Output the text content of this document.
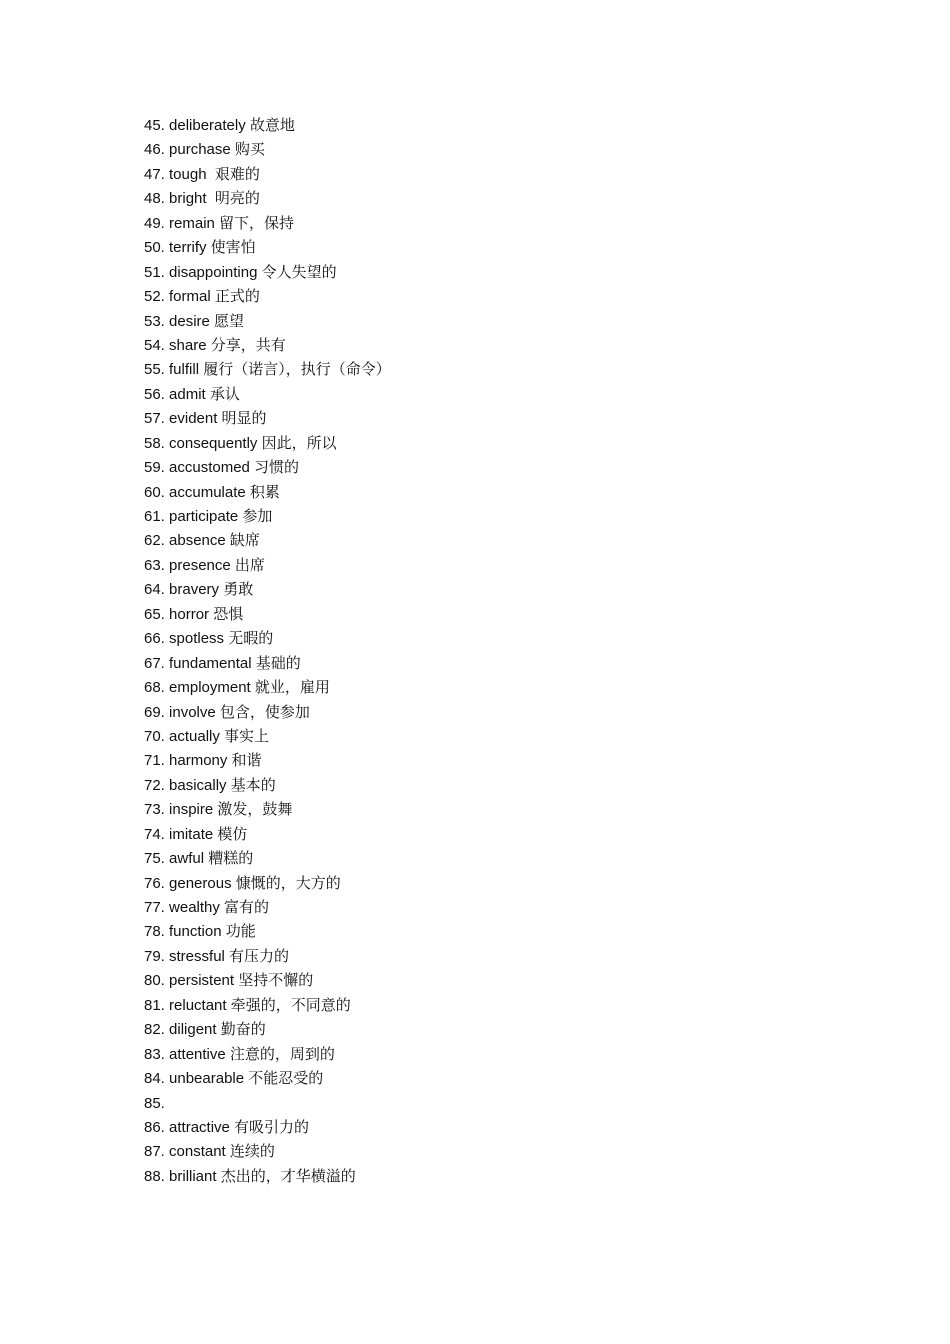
45. deliberately 故意地
46. purchase 购买
47. tough  艰难的
48. bright  明亮的
49. remain 留下，保持
50. terrify 使害怕
51. disappointing 令人失望的
52. formal 正式的
53. desire 愿望
54. share 分享，共有
55. fulfill 履行（诺言），执行（命令）
56. admit 承认
57. evident 明显的
58. consequently 因此，所以
59. accustomed 习惯的
60. accumulate 积累
61. participate 参加
62. absence 缺席
63. presence 出席
64. bravery 勇敢
65. horror 恐惧
66. spotless 无暇的
67. fundamental 基础的
68. employment 就业，雇用
69. involve 包含，使参加
70. actually 事实上
71. harmony 和谐
72. basically 基本的
73. inspire 激发，鼓舞
74. imitate 模仿
75. awful 糟糕的
76. generous 慷慨的，大方的
77. wealthy 富有的
78. function 功能
79. stressful 有压力的
80. persistent 坚持不懈的
81. reluctant 牵强的，不同意的
82. diligent 勤奋的
83. attentive 注意的，周到的
84. unbearable 不能忍受的
85.
86. attractive 有吸引力的
87. constant 连续的
88. brilliant 杰出的，才华横溢的
